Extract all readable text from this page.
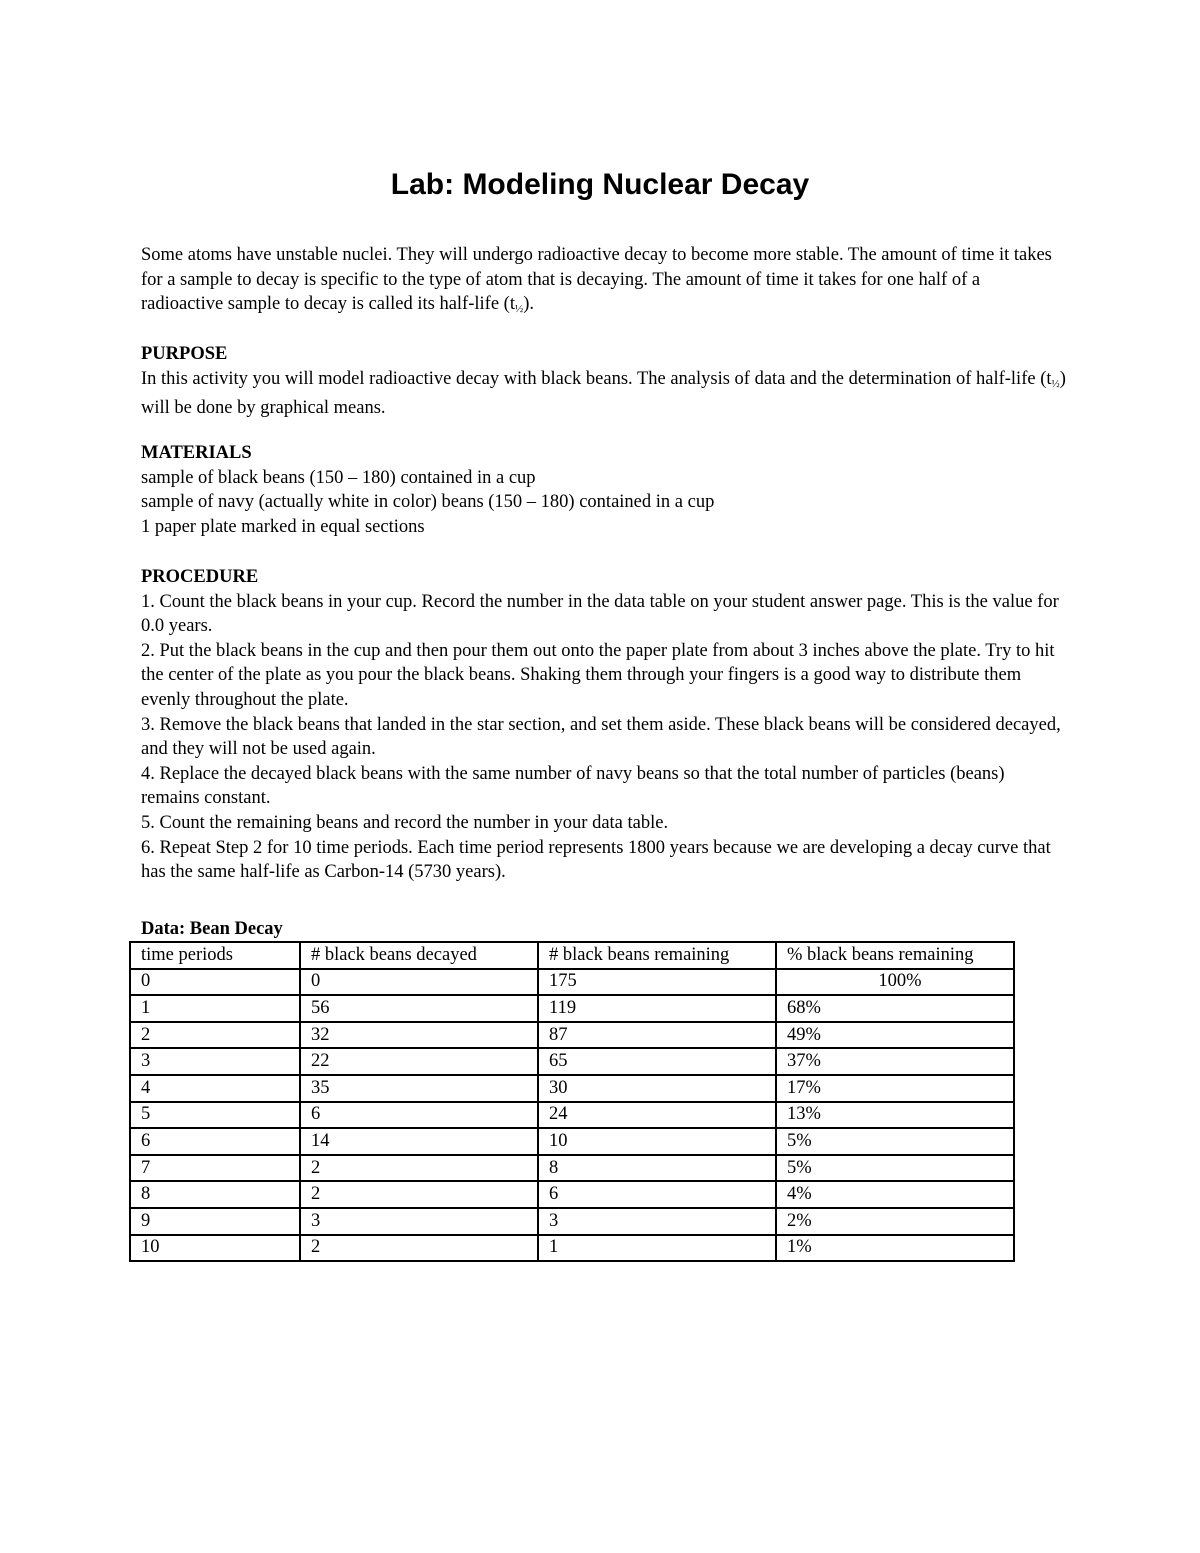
Lab: Modeling Nuclear Decay

Some atoms have unstable nuclei. They will undergo radioactive decay to become more stable. The amount of time it takes for a sample to decay is specific to the type of atom that is decaying. The amount of time it takes for one half of a radioactive sample to decay is called its half-life $(t_{\frac{1}{2}})$.

PURPOSE

In this activity you will model radioactive decay with black beans. The analysis of data and the determination of half-life $(t_{\frac{1}{2}})$ will be done by graphical means.

MATERIALS

sample of black beans (150 – 180) contained in a cup

sample of navy (actually white in color) beans (150 – 180) contained in a cup

1 paper plate marked in equal sections

PROCEDURE

1. Count the black beans in your cup. Record the number in the data table on your student answer page. This is the value for 0.0 years.

2. Put the black beans in the cup and then pour them out onto the paper plate from about 3 inches above the plate. Try to hit the center of the plate as you pour the black beans. Shaking them through your fingers is a good way to distribute them evenly throughout the plate.

3. Remove the black beans that landed in the star section, and set them aside. These black beans will be considered decayed, and they will not be used again.

4. Replace the decayed black beans with the same number of navy beans so that the total number of particles (beans) remains constant.

5. Count the remaining beans and record the number in your data table.

6. Repeat Step 2 for 10 time periods. Each time period represents 1800 years because we are developing a decay curve that has the same half-life as Carbon-14 (5730 years).

Data: Bean Decay
time periods	# black beans decayed	# black beans remaining	% black beans remaining
0	0	175	100%
1	56	119	68%
2	32	87	49%
3	22	65	37%
4	35	30	17%
5	6	24	13%
6	14	10	5%
7	2	8	5%
8	2	6	4%
9	3	3	2%
10	2	1	1%
